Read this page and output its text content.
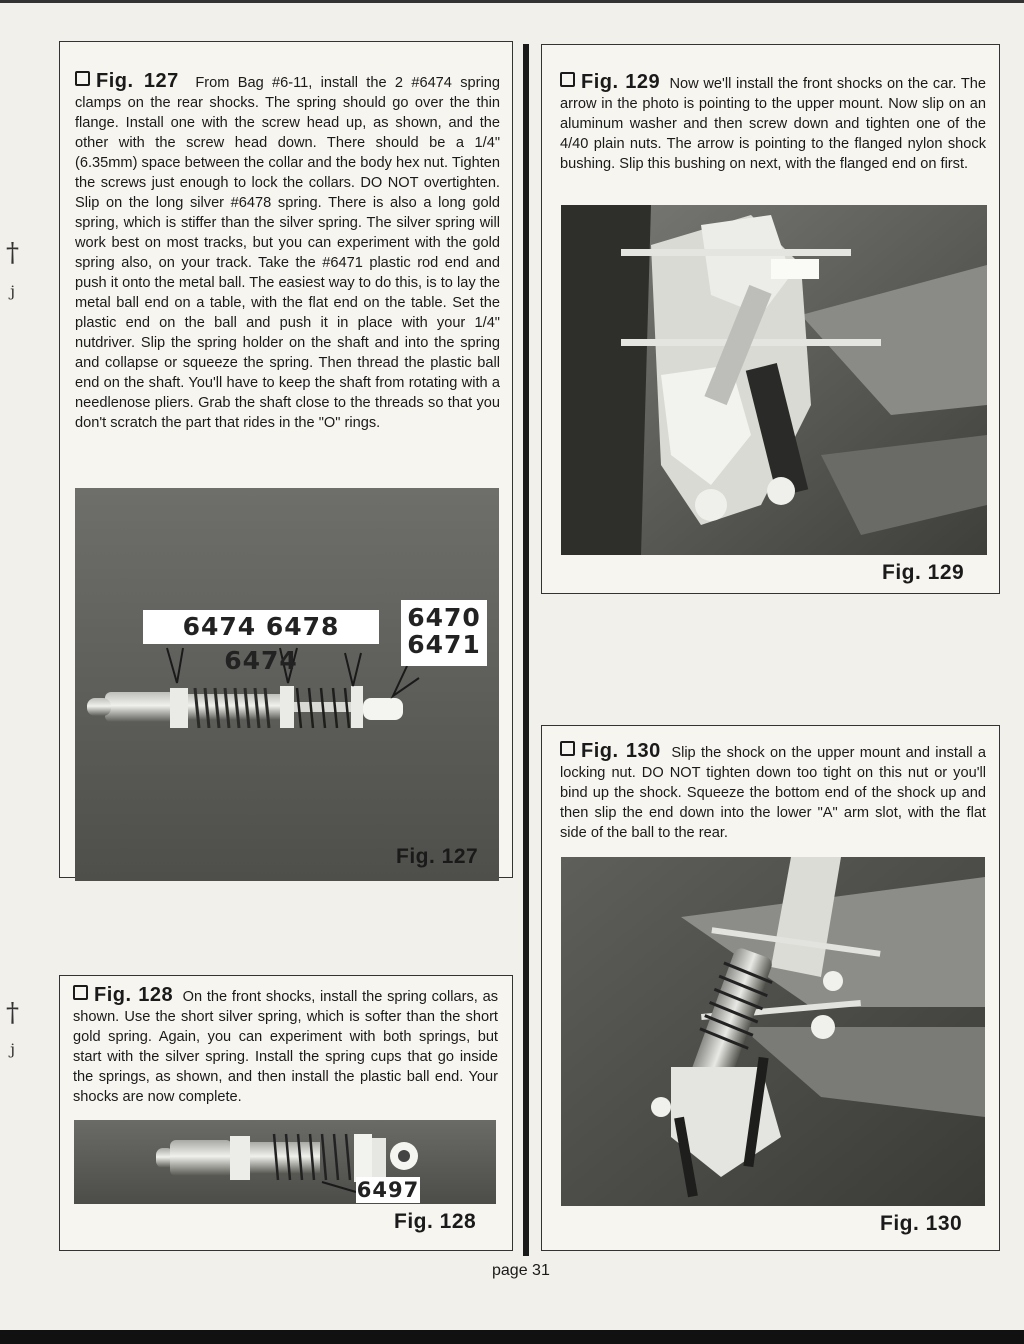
†
ʲ
†
ʲ

Fig. 127 From Bag #6-11, install the 2 #6474 spring clamps on the rear shocks. The spring should go over the thin flange. Install one with the screw head up, as shown, and the other with the screw head down. There should be a 1/4" (6.35mm) space between the collar and the body hex nut. Tighten the screws just enough to lock the collars. DO NOT overtighten. Slip on the long silver #6478 spring. There is also a long gold spring, which is stiffer than the silver spring. The silver spring will work best on most tracks, but you can experiment with the gold spring also, on your track. Take the #6471 plastic rod end and push it onto the metal ball. The easiest way to do this, is to lay the metal ball end on a table, with the flat end on the table. Set the plastic end on the ball and push it in place with your 1/4" nutdriver. Slip the spring holder on the shaft and into the spring and collapse or squeeze the spring. Then thread the plastic ball end on the shaft. You'll have to keep the shaft from rotating with a needlenose pliers. Grab the shaft close to the threads so that you don't scratch the part that rides in the "O" rings.

6474 6478 6474
6470
6471
Fig. 127

Fig. 128 On the front shocks, install the spring collars, as shown. Use the short silver spring, which is softer than the short gold spring. Again, you can experiment with both springs, but start with the silver spring. Install the spring cups that go inside the springs, as shown, and then install the plastic ball end. Your shocks are now complete.

6497
Fig. 128

Fig. 129 Now we'll install the front shocks on the car. The arrow in the photo is pointing to the upper mount. Now slip on an aluminum washer and then screw down and tighten one of the 4/40 plain nuts. The arrow is pointing to the flanged nylon shock bushing. Slip this bushing on next, with the flanged end on first.

Fig. 129

Fig. 130 Slip the shock on the upper mount and install a locking nut. DO NOT tighten down too tight on this nut or you'll bind up the shock. Squeeze the bottom end of the shock up and then slip the end down into the lower "A" arm slot, with the flat side of the ball to the rear.

Fig. 130
page 31
